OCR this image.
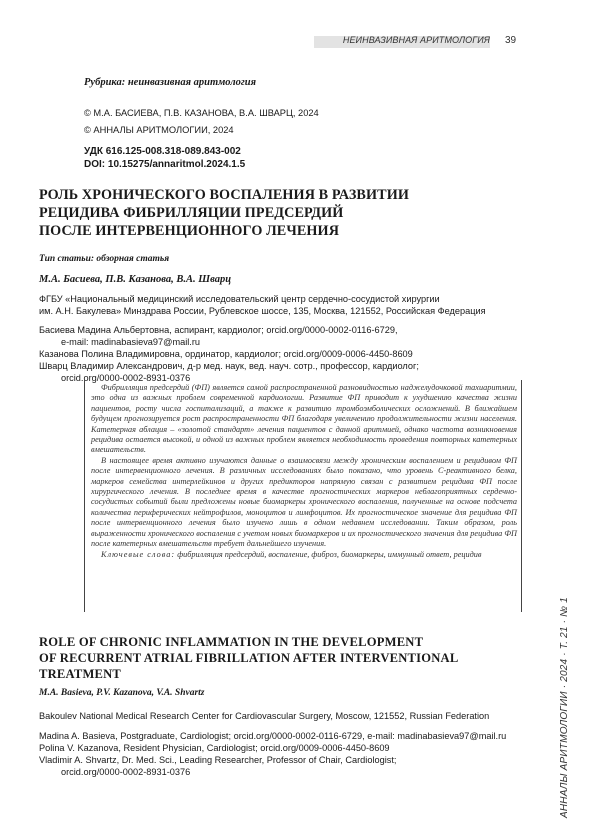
НЕИНВАЗИВНАЯ АРИТМОЛОГИЯ 39
Рубрика: неинвазивная аритмология
© М.А. БАСИЕВА, П.В. КАЗАНОВА, В.А. ШВАРЦ, 2024
© АННАЛЫ АРИТМОЛОГИИ, 2024
УДК 616.125-008.318-089.843-002
DOI: 10.15275/annaritmol.2024.1.5
РОЛЬ ХРОНИЧЕСКОГО ВОСПАЛЕНИЯ В РАЗВИТИИ
РЕЦИДИВА ФИБРИЛЛЯЦИИ ПРЕДСЕРДИЙ
ПОСЛЕ ИНТЕРВЕНЦИОННОГО ЛЕЧЕНИЯ
Тип статьи: обзорная статья
М.А. Басиева, П.В. Казанова, В.А. Шварц
ФГБУ «Национальный медицинский исследовательский центр сердечно-сосудистой хирургии
им. А.Н. Бакулева» Минздрава России, Рублевское шоссе, 135, Москва, 121552, Российская Федерация
Басиева Мадина Альбертовна, аспирант, кардиолог; orcid.org/0000-0002-0116-6729,
e-mail: madinabasieva97@mail.ru
Казанова Полина Владимировна, ординатор, кардиолог; orcid.org/0009-0006-4450-8609
Шварц Владимир Александрович, д-р мед. наук, вед. науч. сотр., профессор, кардиолог;
orcid.org/0000-0002-8931-0376

Фибрилляция предсердий (ФП) является самой распространенной разновидностью наджелудочковой тахиаритмии, это одна из важных проблем современной кардиологии. Развитие ФП приводит к ухудшению качества жизни пациентов, росту числа госпитализаций, а также к развитию тромбоэмболических осложнений. В ближайшем будущем прогнозируется рост распространенности ФП благодаря увеличению продолжительности жизни населения. Катетерная аблация – «золотой стандарт» лечения пациентов с данной аритмией, однако частота возникновения рецидива остается высокой, и одной из важных проблем является необходимость проведения повторных катетерных вмешательств.

В настоящее время активно изучаются данные о взаимосвязи между хроническим воспалением и рецидивом ФП после интервенционного лечения. В различных исследованиях было показано, что уровень С-реактивного белка, маркеров семейства интерлейкинов и других предикторов напрямую связан с развитием рецидива ФП после хирургического лечения. В последнее время в качестве прогностических маркеров неблагоприятных сердечно-сосудистых событий были предложены новые биомаркеры хронического воспаления, полученные на основе подсчета количества периферических нейтрофилов, моноцитов и лимфоцитов. Их прогностическое значение для рецидива ФП после интервенционного лечения было изучено лишь в одном недавнем исследовании. Таким образом, роль выраженности хронического воспаления с учетом новых биомаркеров и их прогностического значения для рецидива ФП после катетерных вмешательств требует дальнейшего изучения.

Ключевые слова: фибрилляция предсердий, воспаление, фиброз, биомаркеры, иммунный ответ, рецидив

ROLE OF CHRONIC INFLAMMATION IN THE DEVELOPMENT
OF RECURRENT ATRIAL FIBRILLATION AFTER INTERVENTIONAL
TREATMENT
M.A. Basieva, P.V. Kazanova, V.A. Shvartz
Bakoulev National Medical Research Center for Cardiovascular Surgery, Moscow, 121552, Russian Federation
Madina A. Basieva, Postgraduate, Cardiologist; orcid.org/0000-0002-0116-6729, e-mail: madinabasieva97@mail.ru
Polina V. Kazanova, Resident Physician, Cardiologist; orcid.org/0009-0006-4450-8609
Vladimir A. Shvartz, Dr. Med. Sci., Leading Researcher, Professor of Chair, Cardiologist;
orcid.org/0000-0002-8931-0376	АННАЛЫ АРИТМОЛОГИИ · 2024 · Т. 21 · № 1
